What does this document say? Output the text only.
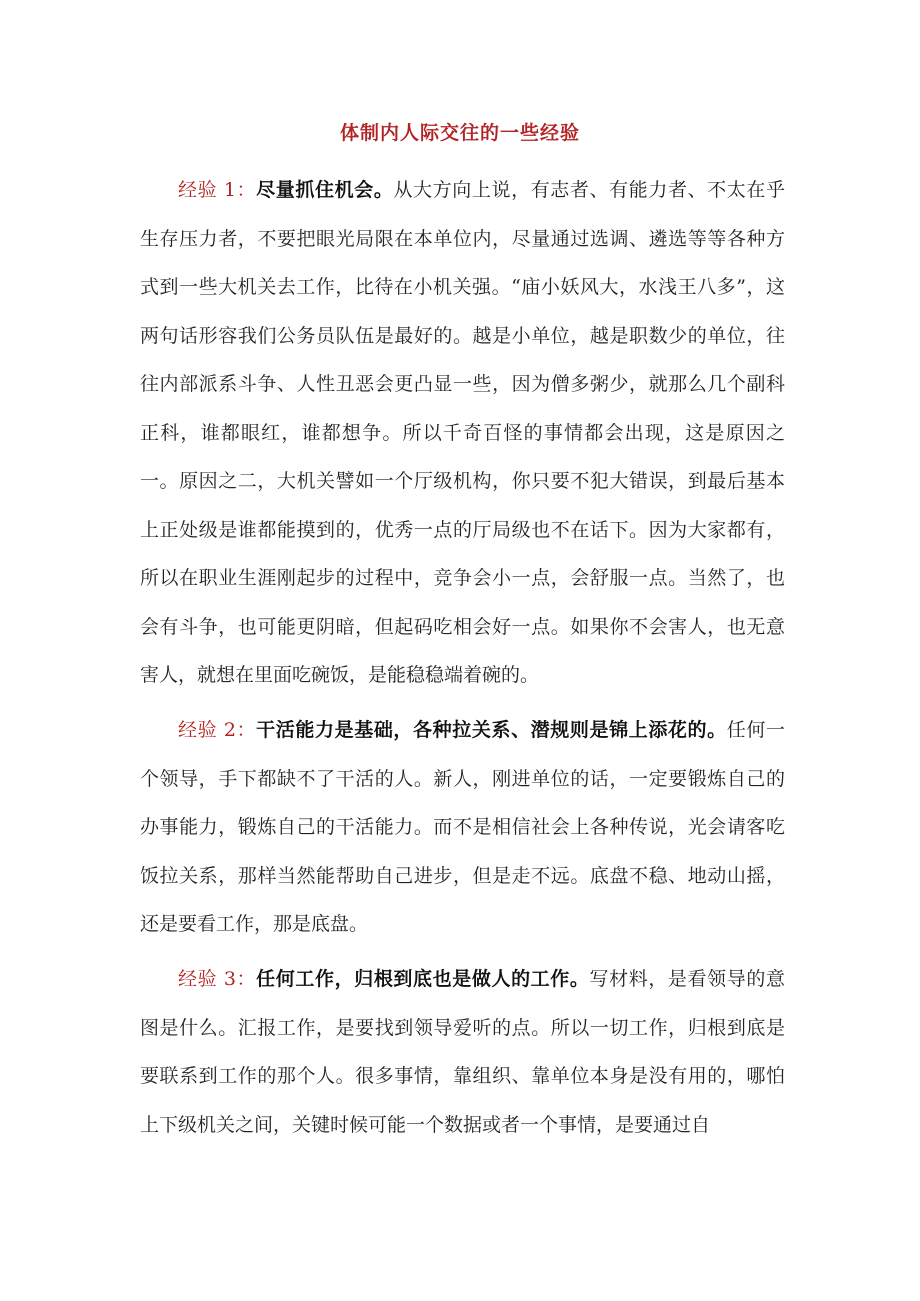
体制内人际交往的一些经验

经验 1：尽量抓住机会。从大方向上说，有志者、有能力者、不太在乎生存压力者，不要把眼光局限在本单位内，尽量通过选调、遴选等等各种方式到一些大机关去工作，比待在小机关强。“庙小妖风大，水浅王八多”，这两句话形容我们公务员队伍是最好的。越是小单位，越是职数少的单位，往往内部派系斗争、人性丑恶会更凸显一些，因为僧多粥少，就那么几个副科正科，谁都眼红，谁都想争。所以千奇百怪的事情都会出现，这是原因之一。原因之二，大机关譬如一个厅级机构，你只要不犯大错误，到最后基本上正处级是谁都能摸到的，优秀一点的厅局级也不在话下。因为大家都有，所以在职业生涯刚起步的过程中，竞争会小一点，会舒服一点。当然了，也会有斗争，也可能更阴暗，但起码吃相会好一点。如果你不会害人，也无意害人，就想在里面吃碗饭，是能稳稳端着碗的。

经验 2：干活能力是基础，各种拉关系、潜规则是锦上添花的。任何一个领导，手下都缺不了干活的人。新人，刚进单位的话，一定要锻炼自己的办事能力，锻炼自己的干活能力。而不是相信社会上各种传说，光会请客吃饭拉关系，那样当然能帮助自己进步，但是走不远。底盘不稳、地动山摇，还是要看工作，那是底盘。

经验 3：任何工作，归根到底也是做人的工作。写材料，是看领导的意图是什么。汇报工作，是要找到领导爱听的点。所以一切工作，归根到底是要联系到工作的那个人。很多事情，靠组织、靠单位本身是没有用的，哪怕上下级机关之间，关键时候可能一个数据或者一个事情，是要通过自
